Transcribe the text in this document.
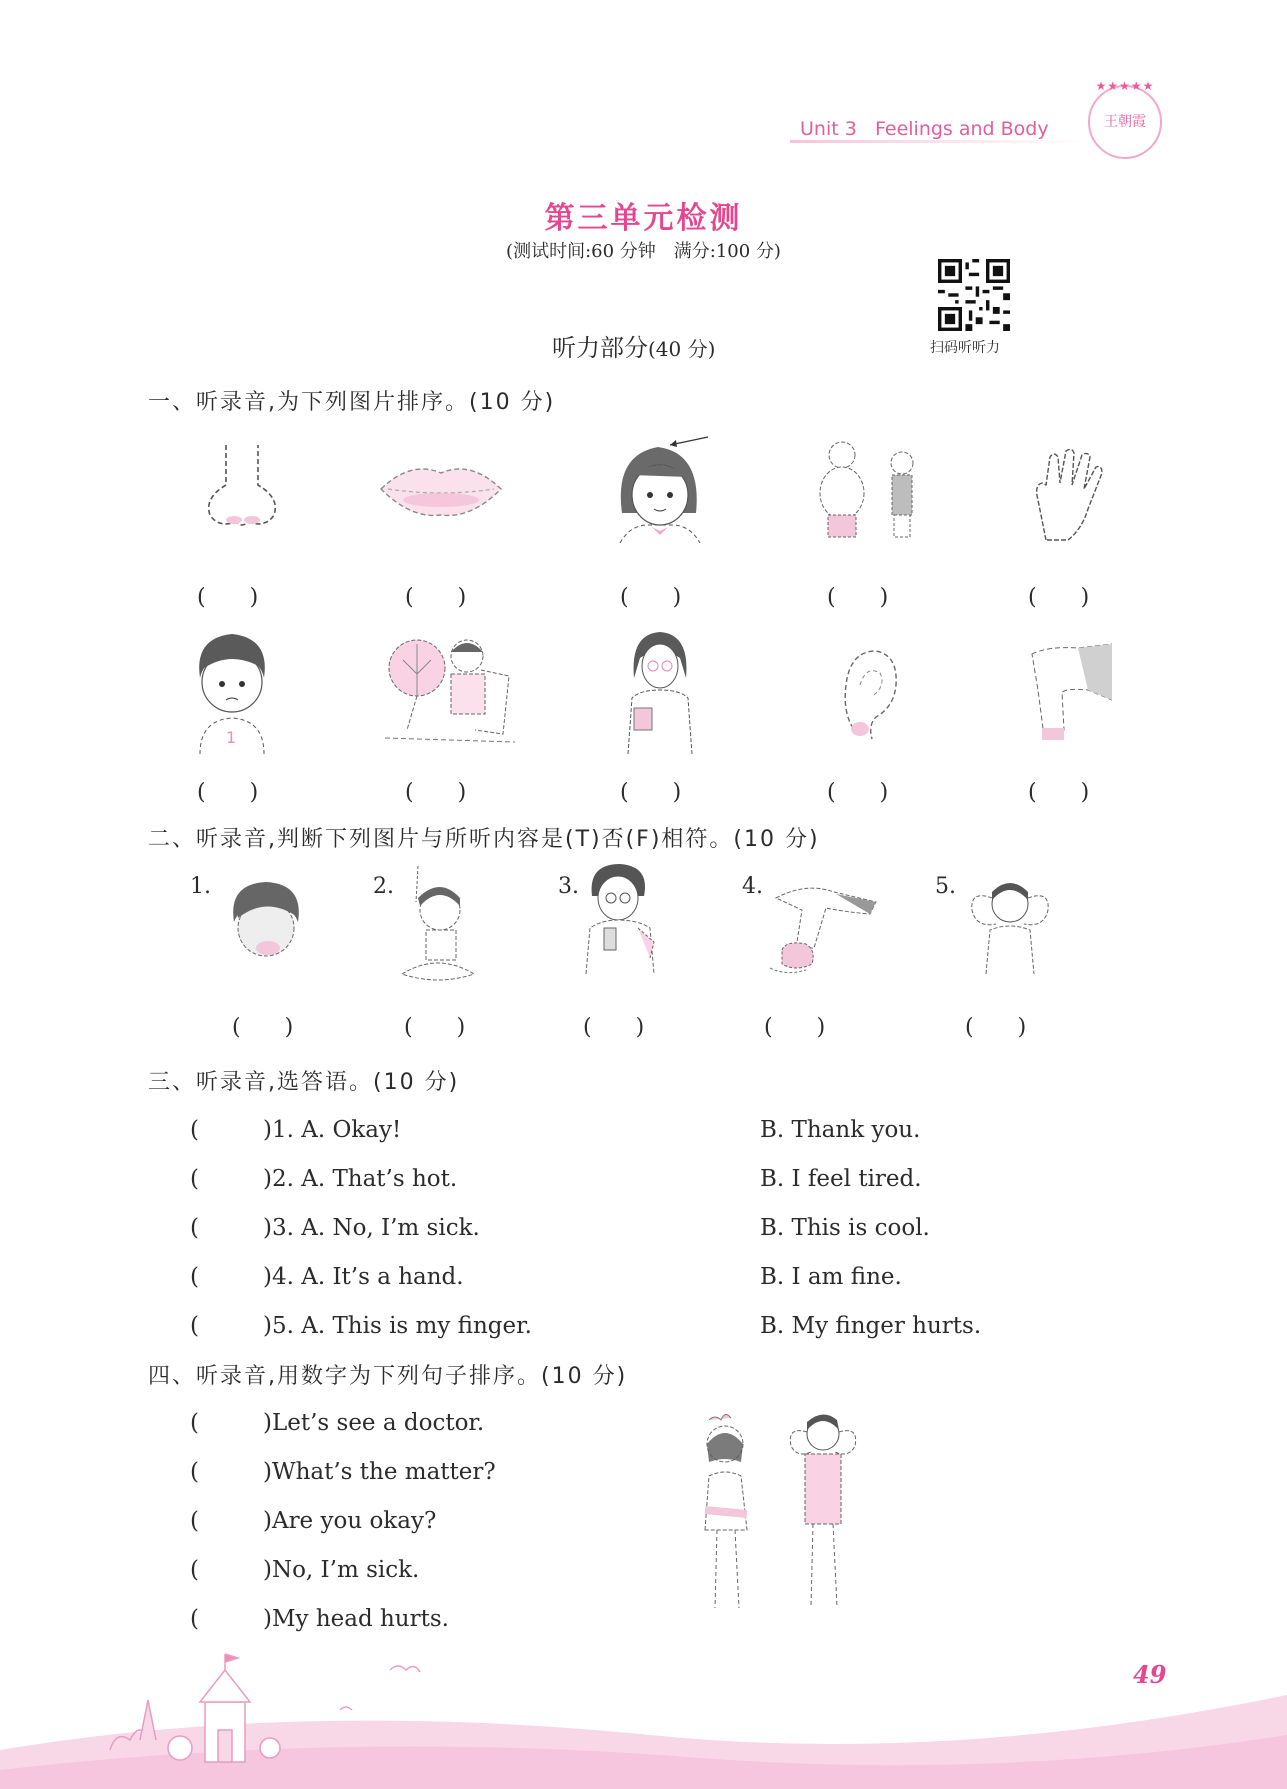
Unit 3 Feelings and Body
★★★★★
王朝霞
第三单元检测
(测试时间:60 分钟　满分:100 分)
扫码听听力
听力部分(40 分)
一、听录音,为下列图片排序。(10 分)
(　　)	(　　)	(　　)	(　　)	(　　)
1
(　　)	(　　)	(　　)	(　　)	(　　)
二、听录音,判断下列图片与所听内容是(T)否(F)相符。(10 分)
1.	2.	3.	4.	5.
(　　)	(　　)	(　　)	(　　)	(　　)
三、听录音,选答语。(10 分)
(	)1. A. Okay!	B. Thank you.
(	)2. A. That’s hot.	B. I feel tired.
(	)3. A. No, I’m sick.	B. This is cool.
(	)4. A. It’s a hand.	B. I am fine.
(	)5. A. This is my finger.	B. My finger hurts.
四、听录音,用数字为下列句子排序。(10 分)
(	)Let’s see a doctor.
(	)What’s the matter?
(	)Are you okay?
(	)No, I’m sick.
(	)My head hurts.
49
